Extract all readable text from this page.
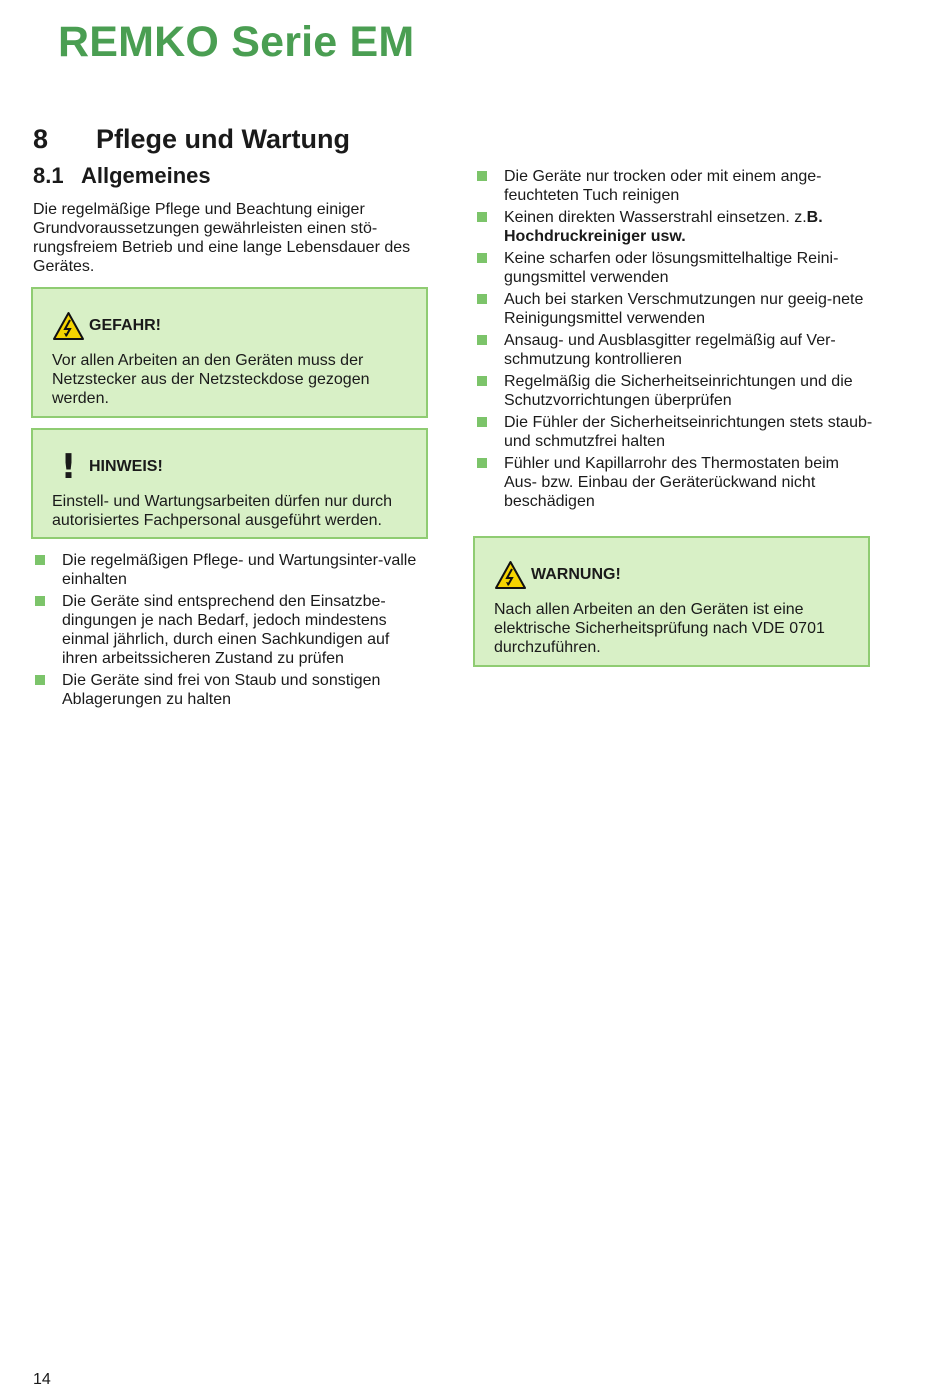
REMKO Serie EM
8 Pflege und Wartung
8.1 Allgemeines

Die regelmäßige Pflege und Beachtung einiger Grundvoraussetzungen gewährleisten einen stö-rungsfreiem Betrieb und eine lange Lebensdauer des Gerätes.

GEFAHR!

Vor allen Arbeiten an den Geräten muss der Netzstecker aus der Netzsteckdose gezogen werden.

! HINWEIS!

Einstell- und Wartungsarbeiten dürfen nur durch autorisiertes Fachpersonal ausgeführt werden.

Die regelmäßigen Pflege- und Wartungsinter-valle einhalten
Die Geräte sind entsprechend den Einsatzbe-dingungen je nach Bedarf, jedoch mindestens einmal jährlich, durch einen Sachkundigen auf ihren arbeitssicheren Zustand zu prüfen
Die Geräte sind frei von Staub und sonstigen Ablagerungen zu halten
Die Geräte nur trocken oder mit einem ange-feuchteten Tuch reinigen
Keinen direkten Wasserstrahl einsetzen. z.B. Hochdruckreiniger usw.
Keine scharfen oder lösungsmittelhaltige Reini-gungsmittel verwenden
Auch bei starken Verschmutzungen nur geeig-nete Reinigungsmittel verwenden
Ansaug- und Ausblasgitter regelmäßig auf Ver-schmutzung kontrollieren
Regelmäßig die Sicherheitseinrichtungen und die Schutzvorrichtungen überprüfen
Die Fühler der Sicherheitseinrichtungen stets staub- und schmutzfrei halten
Fühler und Kapillarrohr des Thermostaten beim Aus- bzw. Einbau der Geräterückwand nicht beschädigen
WARNUNG!

Nach allen Arbeiten an den Geräten ist eine elektrische Sicherheitsprüfung nach VDE 0701 durchzuführen.

14
